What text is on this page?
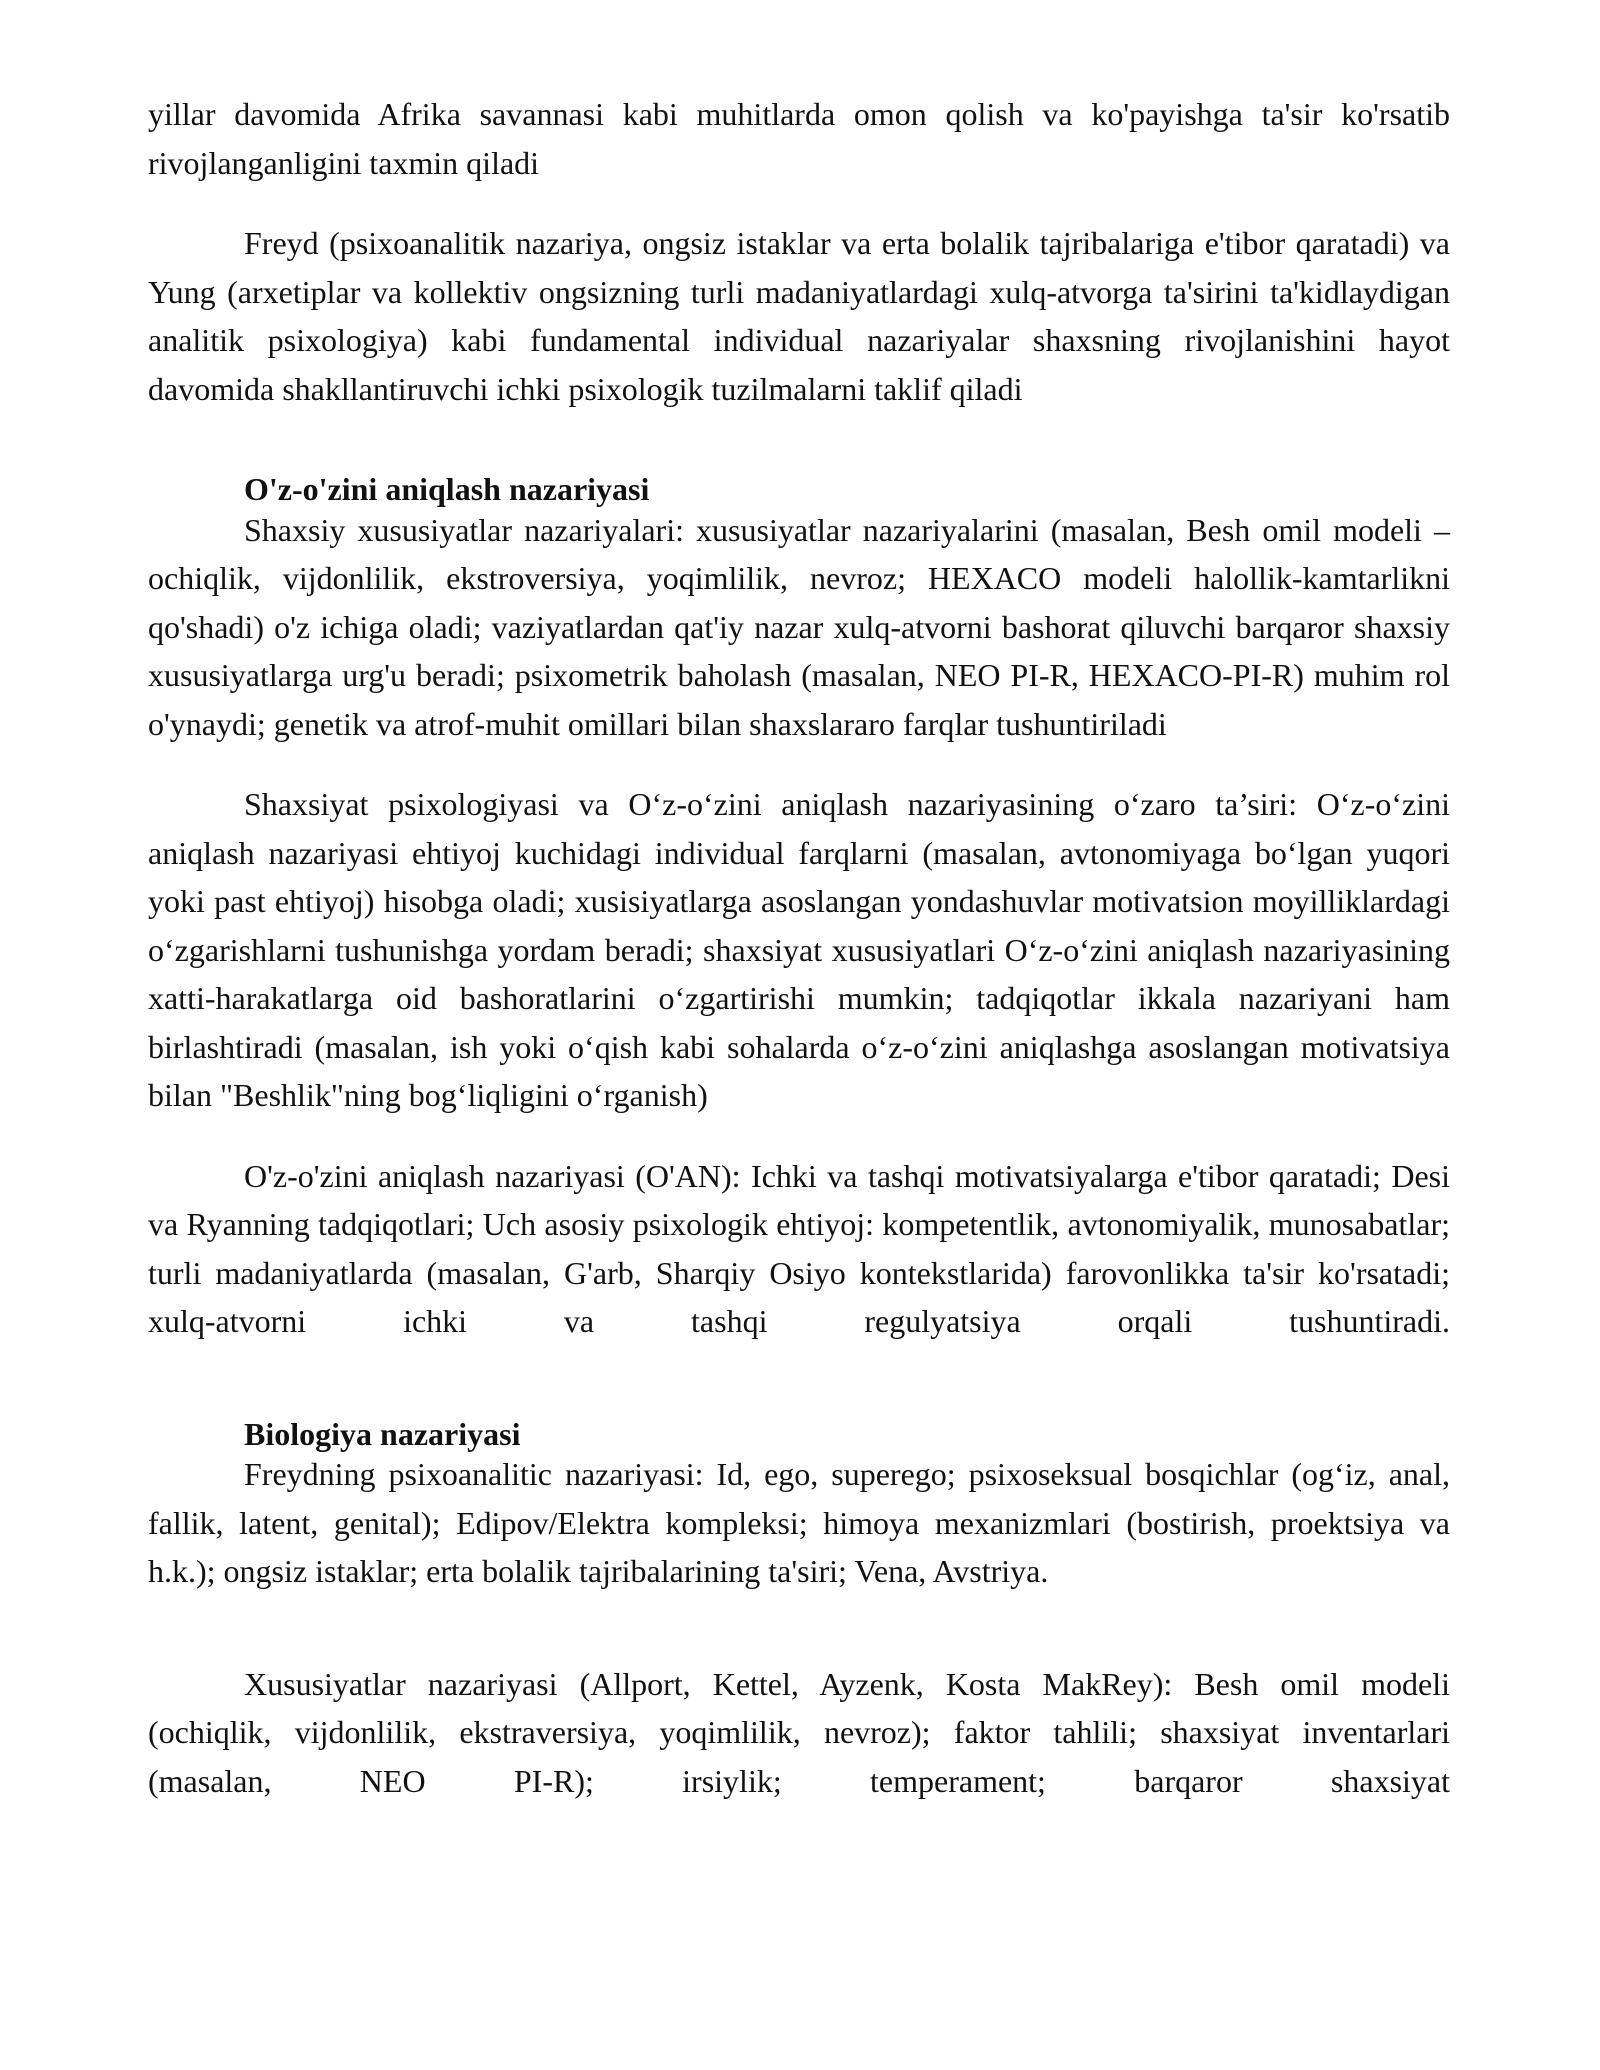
yillar davomida Afrika savannasi kabi muhitlarda omon qolish va ko'payishga ta'sir ko'rsatib rivojlanganligini taxmin qiladi

Freyd (psixoanalitik nazariya, ongsiz istaklar va erta bolalik tajribalariga e'tibor qaratadi) va Yung (arxetiplar va kollektiv ongsizning turli madaniyatlardagi xulq-atvorga ta'sirini ta'kidlaydigan analitik psixologiya) kabi fundamental individual nazariyalar shaxsning rivojlanishini hayot davomida shakllantiruvchi ichki psixologik tuzilmalarni taklif qiladi

O'z-o'zini aniqlash nazariyasi

Shaxsiy xususiyatlar nazariyalari: xususiyatlar nazariyalarini (masalan, Besh omil modeli – ochiqlik, vijdonlilik, ekstroversiya, yoqimlilik, nevroz; HEXACO modeli halollik-kamtarlikni qo'shadi) o'z ichiga oladi; vaziyatlardan qat'iy nazar xulq-atvorni bashorat qiluvchi barqaror shaxsiy xususiyatlarga urg'u beradi; psixometrik baholash (masalan, NEO PI-R, HEXACO-PI-R) muhim rol o'ynaydi; genetik va atrof-muhit omillari bilan shaxslararo farqlar tushuntiriladi

Shaxsiyat psixologiyasi va O‘z-o‘zini aniqlash nazariyasining o‘zaro ta’siri: O‘z-o‘zini aniqlash nazariyasi ehtiyoj kuchidagi individual farqlarni (masalan, avtonomiyaga bo‘lgan yuqori yoki past ehtiyoj) hisobga oladi; xusisiyatlarga asoslangan yondashuvlar motivatsion moyilliklardagi o‘zgarishlarni tushunishga yordam beradi; shaxsiyat xususiyatlari O‘z-o‘zini aniqlash nazariyasining xatti-harakatlarga oid bashoratlarini o‘zgartirishi mumkin; tadqiqotlar ikkala nazariyani ham birlashtiradi (masalan, ish yoki o‘qish kabi sohalarda o‘z-o‘zini aniqlashga asoslangan motivatsiya bilan "Beshlik"ning bog‘liqligini o‘rganish)

O'z-o'zini aniqlash nazariyasi (O'AN): Ichki va tashqi motivatsiyalarga e'tibor qaratadi; Desi va Ryanning tadqiqotlari; Uch asosiy psixologik ehtiyoj: kompetentlik, avtonomiyalik, munosabatlar; turli madaniyatlarda (masalan, G'arb, Sharqiy Osiyo kontekstlarida) farovonlikka ta'sir ko'rsatadi; xulq-atvorni ichki va tashqi regulyatsiya orqali tushuntiradi.

Biologiya nazariyasi

Freydning psixoanalitic nazariyasi: Id, ego, superego; psixoseksual bosqichlar (og‘iz, anal, fallik, latent, genital); Edipov/Elektra kompleksi; himoya mexanizmlari (bostirish, proektsiya va h.k.); ongsiz istaklar; erta bolalik tajribalarining ta'siri; Vena, Avstriya.

Xususiyatlar nazariyasi (Allport, Kettel, Ayzenk, Kosta MakRey): Besh omil modeli (ochiqlik, vijdonlilik, ekstraversiya, yoqimlilik, nevroz); faktor tahlili; shaxsiyat inventarlari (masalan, NEO PI-R); irsiylik; temperament; barqaror shaxsiyat
